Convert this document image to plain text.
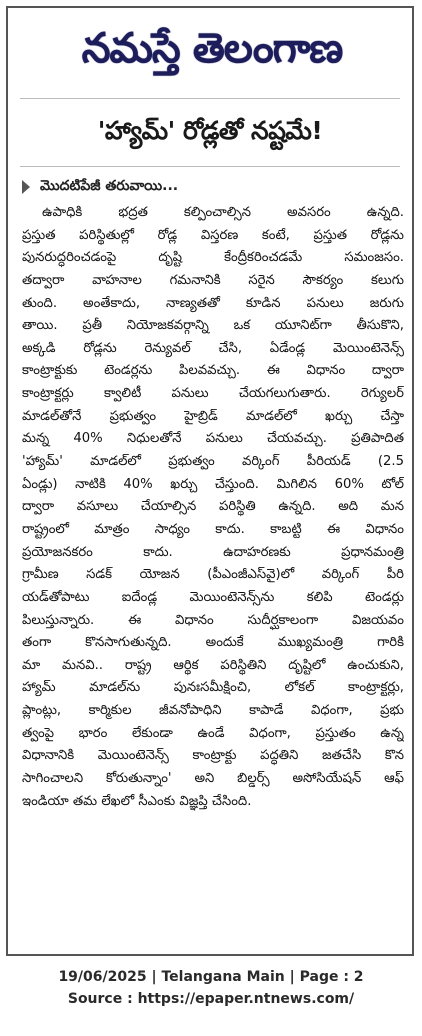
నమస్తే తెలంగాణ
'హ్యామ్' రోడ్లతో నష్టమే!
మొదటిపేజీ తరువాయి...
ఉపాధికి భద్రత కల్పించాల్సిన అవసరం ఉన్నది.
ప్రస్తుత పరిస్థితుల్లో రోడ్ల విస్తరణ కంటే, ప్రస్తుత రోడ్లను
పునరుద్ధరించడంపై దృష్టి కేంద్రీకరించడమే సమంజసం.
తద్వారా వాహనాల గమనానికి సరైన సౌకర్యం కలుగు
తుంది. అంతేకాదు, నాణ్యతతో కూడిన పనులు జరుగు
తాయి. ప్రతీ నియోజకవర్గాన్ని ఒక యూనిట్‌గా తీసుకొని,
అక్కడి రోడ్లను రెన్యువల్ చేసి, ఏడేండ్ల మెయింటెనెన్స్
కాంట్రాక్టుకు టెండర్లను పిలవవచ్చు. ఈ విధానం ద్వారా
కాంట్రాక్టర్లు క్వాలిటీ పనులు చేయగలుగుతారు. రెగ్యులర్
మాడల్‌తోనే ప్రభుత్వం హైబ్రిడ్ మాడల్‌లో ఖర్చు చేస్తా
మన్న 40% నిధులతోనే పనులు చేయవచ్చు. ప్రతిపాదిత
'హ్యామ్' మాడల్‌లో ప్రభుత్వం వర్కింగ్ పీరియడ్ (2.5
ఏండ్లు) నాటికి 40% ఖర్చు చేస్తుంది. మిగిలిన 60% టోల్
ద్వారా వసూలు చేయాల్సిన పరిస్థితి ఉన్నది. అది మన
రాష్ట్రంలో మాత్రం సాధ్యం కాదు. కాబట్టి ఈ విధానం
ప్రయోజనకరం కాదు. ఉదాహరణకు ప్రధానమంత్రి
గ్రామీణ సడక్ యోజన (పీఎంజీఎస్‌వై)లో వర్కింగ్ పీరి
యడ్‌తోపాటు ఐదేండ్ల మెయింటెనెన్స్‌ను కలిపి టెండర్లు
పిలుస్తున్నారు. ఈ విధానం సుదీర్ఘకాలంగా విజయవం
తంగా కొనసాగుతున్నది. అందుకే ముఖ్యమంత్రి గారికి
మా మనవి.. రాష్ట్ర ఆర్థిక పరిస్థితిని దృష్టిలో ఉంచుకుని,
హ్యామ్ మాడల్‌ను పునఃసమీక్షించి, లోకల్ కాంట్రాక్టర్లు,
ప్లాంట్లు, కార్మికుల జీవనోపాధిని కాపాడే విధంగా, ప్రభు
త్వంపై భారం లేకుండా ఉండే విధంగా, ప్రస్తుతం ఉన్న
విధానానికి మెయింటెనెన్స్ కాంట్రాక్టు పద్ధతిని జతచేసి కొన
సాగించాలని కోరుతున్నాం' అని బిల్డర్స్ అసోసియేషన్ ఆఫ్
ఇండియా తమ లేఖలో సీఎంకు విజ్ఞప్తి చేసింది.
19/06/2025 | Telangana Main | Page : 2
Source : https://epaper.ntnews.com/
